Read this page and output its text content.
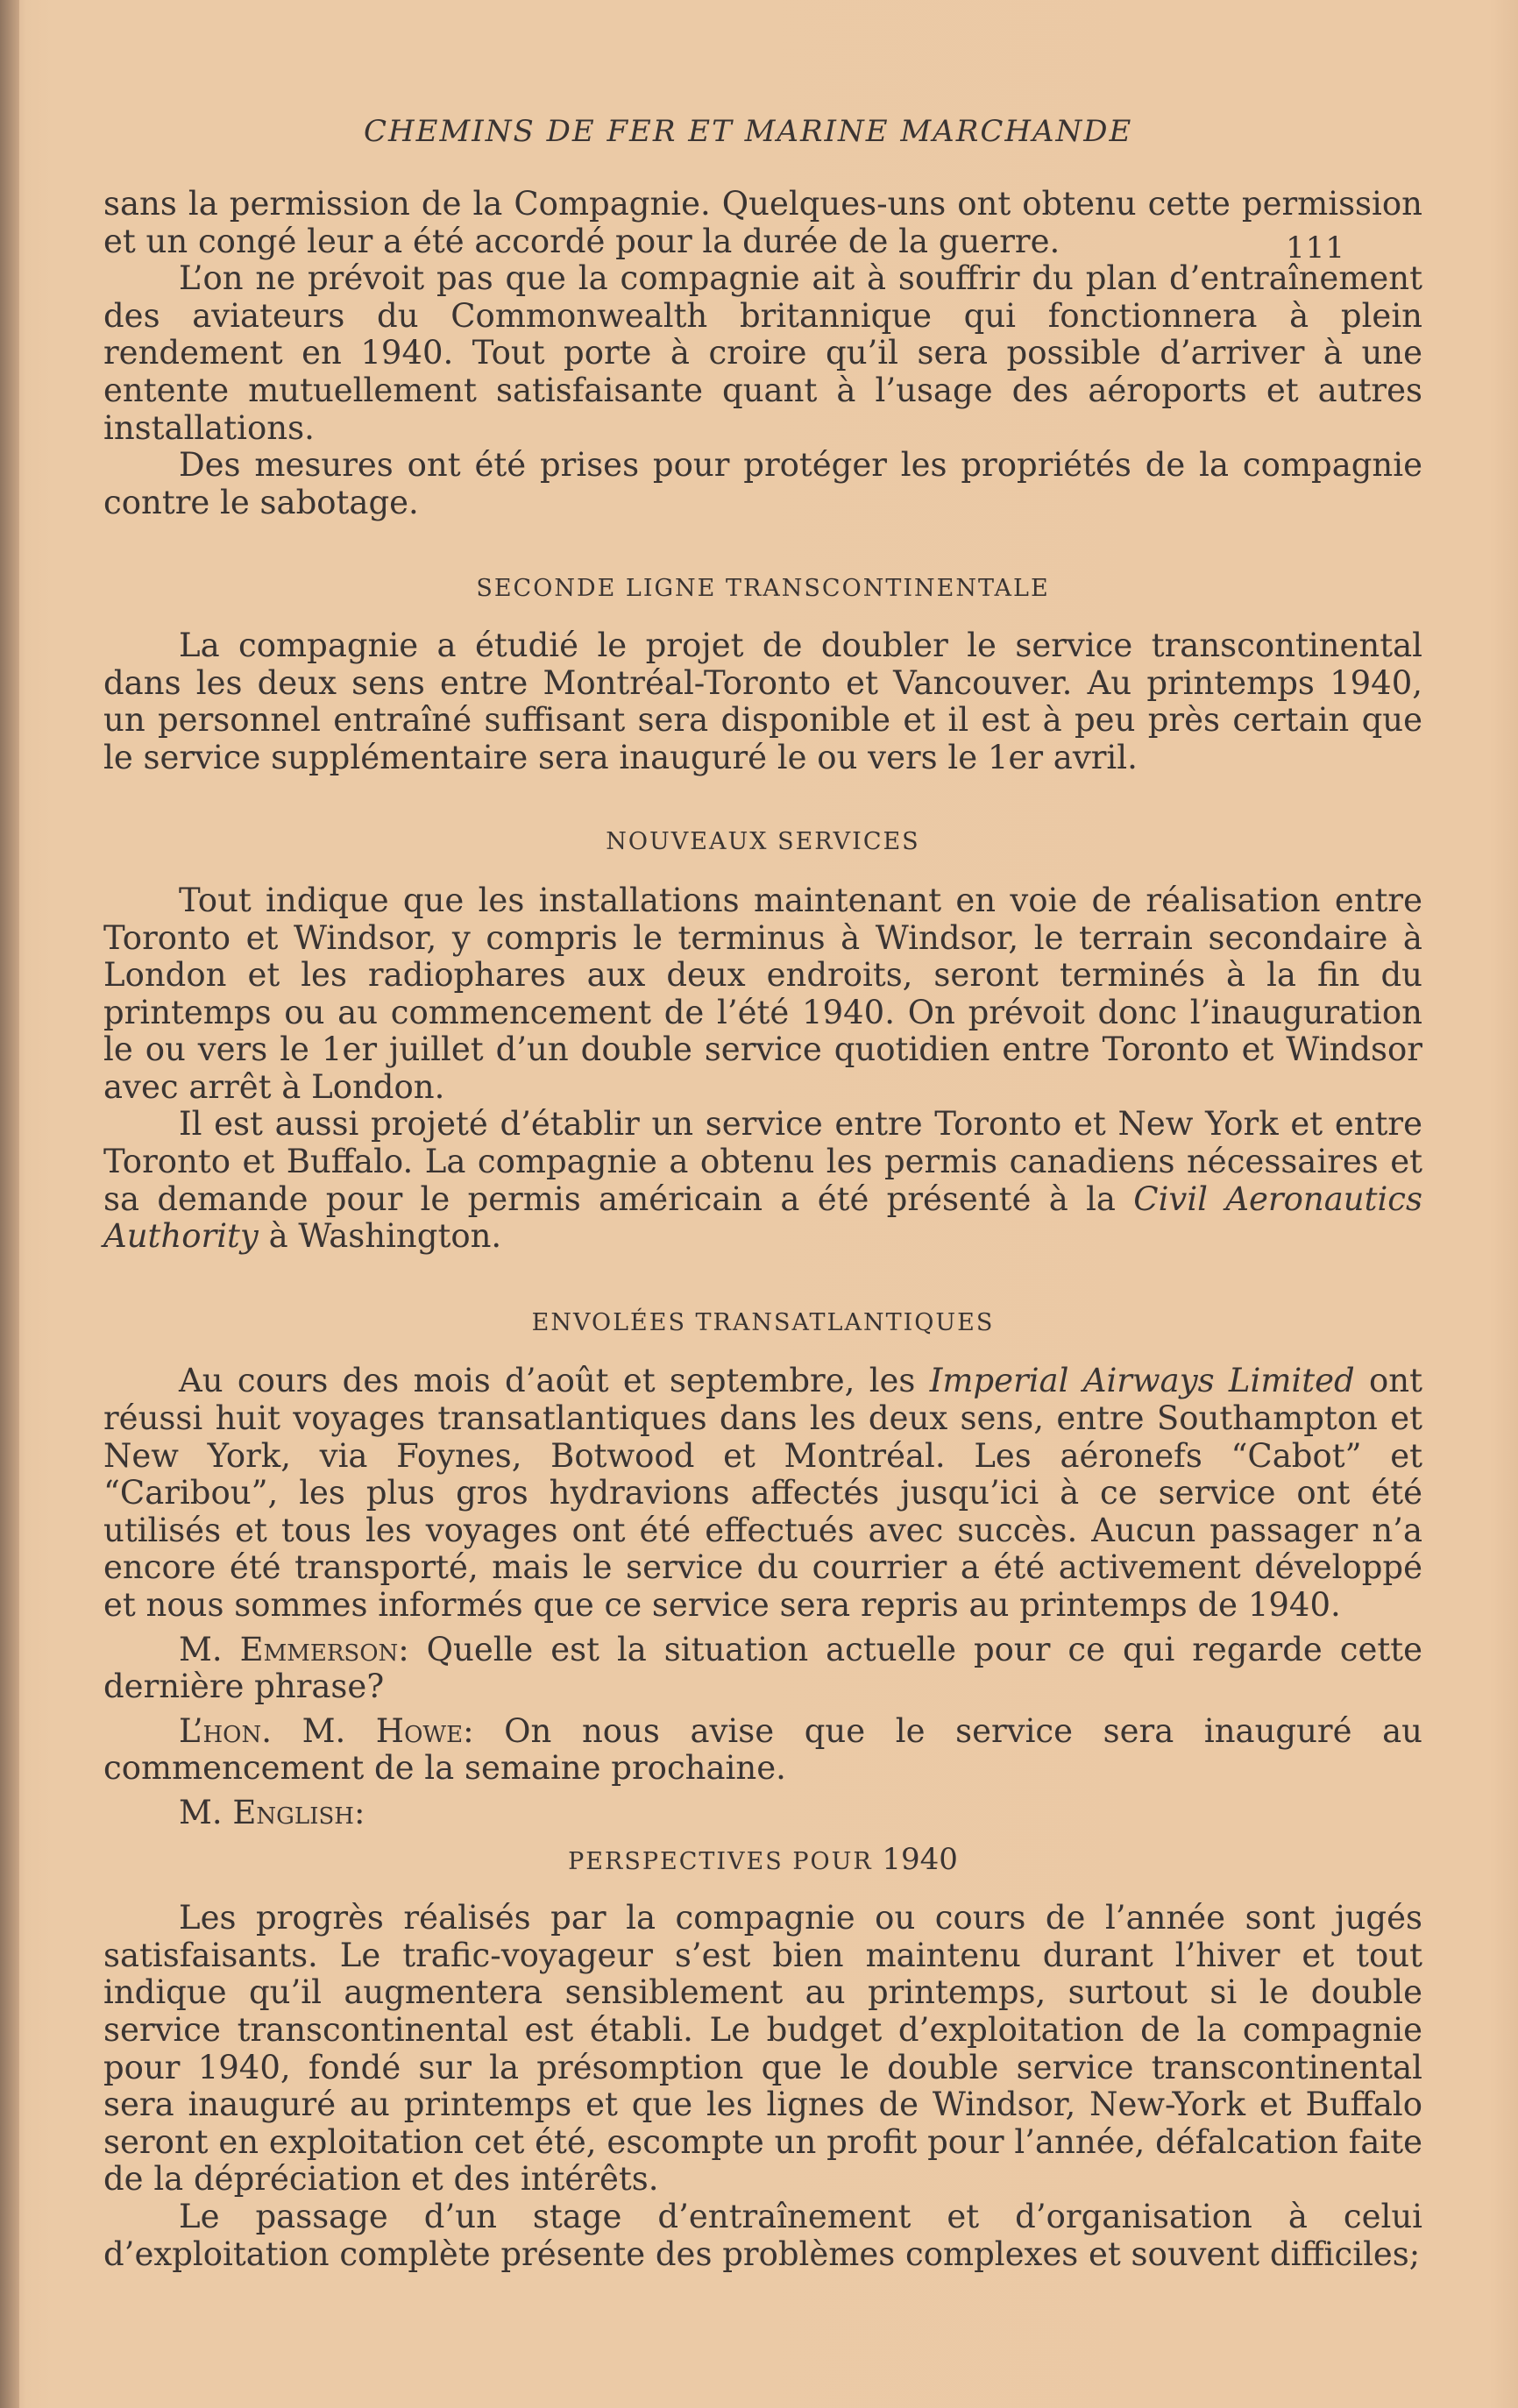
CHEMINS DE FER ET MARINE MARCHANDE
111

sans la permission de la Compagnie. Quelques-uns ont obtenu cette permission et un congé leur a été accordé pour la durée de la guerre.

L’on ne prévoit pas que la compagnie ait à souffrir du plan d’entraînement des aviateurs du Commonwealth britannique qui fonctionnera à plein rendement en 1940. Tout porte à croire qu’il sera possible d’arriver à une entente mutuellement satisfaisante quant à l’usage des aéroports et autres installations.

Des mesures ont été prises pour protéger les propriétés de la compagnie contre le sabotage.

SECONDE LIGNE TRANSCONTINENTALE

La compagnie a étudié le projet de doubler le service transcontinental dans les deux sens entre Montréal-Toronto et Vancouver. Au printemps 1940, un personnel entraîné suffisant sera disponible et il est à peu près certain que le service supplémentaire sera inauguré le ou vers le 1er avril.

NOUVEAUX SERVICES

Tout indique que les installations maintenant en voie de réalisation entre Toronto et Windsor, y compris le terminus à Windsor, le terrain secondaire à London et les radiophares aux deux endroits, seront terminés à la fin du printemps ou au commencement de l’été 1940. On prévoit donc l’inauguration le ou vers le 1er juillet d’un double service quotidien entre Toronto et Windsor avec arrêt à London.

Il est aussi projeté d’établir un service entre Toronto et New York et entre Toronto et Buffalo. La compagnie a obtenu les permis canadiens nécessaires et sa demande pour le permis américain a été présenté à la Civil Aeronautics Authority à Washington.

ENVOLÉES TRANSATLANTIQUES

Au cours des mois d’août et septembre, les Imperial Airways Limited ont réussi huit voyages transatlantiques dans les deux sens, entre Southampton et New York, via Foynes, Botwood et Montréal. Les aéronefs “Cabot” et “Caribou”, les plus gros hydravions affectés jusqu’ici à ce service ont été utilisés et tous les voyages ont été effectués avec succès. Aucun passager n’a encore été transporté, mais le service du courrier a été activement développé et nous sommes informés que ce service sera repris au printemps de 1940.

M. Emmerson: Quelle est la situation actuelle pour ce qui regarde cette dernière phrase?

L’hon. M. Howe: On nous avise que le service sera inauguré au commencement de la semaine prochaine.

M. English:

PERSPECTIVES POUR 1940

Les progrès réalisés par la compagnie ou cours de l’année sont jugés satisfaisants. Le trafic-voyageur s’est bien maintenu durant l’hiver et tout indique qu’il augmentera sensiblement au printemps, surtout si le double service transcontinental est établi. Le budget d’exploitation de la compagnie pour 1940, fondé sur la présomption que le double service transcontinental sera inauguré au printemps et que les lignes de Windsor, New-York et Buffalo seront en exploitation cet été, escompte un profit pour l’année, défalcation faite de la dépréciation et des intérêts.

Le passage d’un stage d’entraînement et d’organisation à celui d’exploitation complète présente des problèmes complexes et souvent difficiles;
